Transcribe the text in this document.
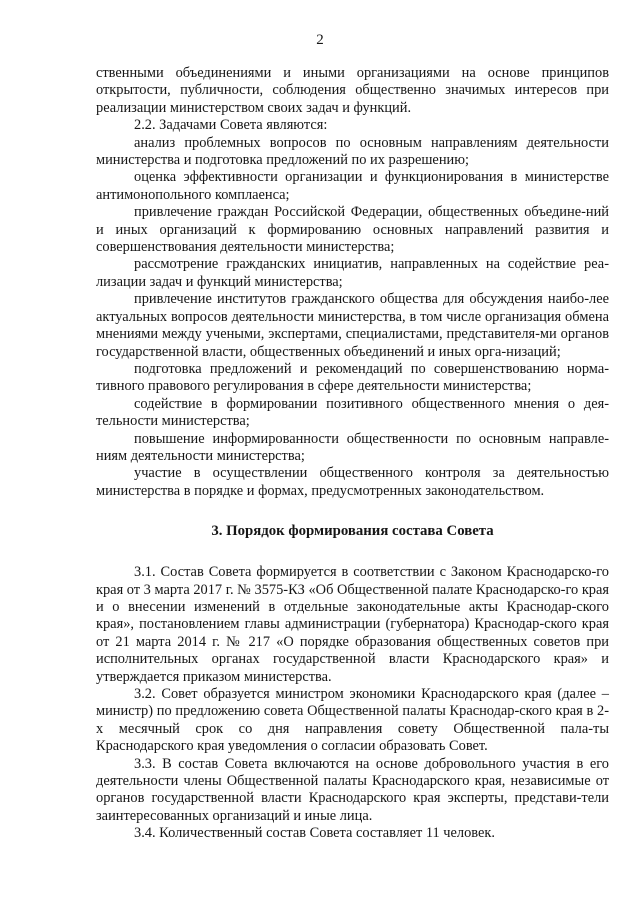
2

ственными объединениями и иными организациями на основе принципов открытости, публичности, соблюдения общественно значимых интересов при реализации министерством своих задач и функций.

2.2. Задачами Совета являются:

анализ проблемных вопросов по основным направлениям деятельности министерства и подготовка предложений по их разрешению;

оценка эффективности организации и функционирования в министерстве антимонопольного комплаенса;

привлечение граждан Российской Федерации, общественных объедине-ний и иных организаций к формированию основных направлений развития и совершенствования деятельности министерства;

рассмотрение гражданских инициатив, направленных на содействие реа-лизации задач и функций министерства;

привлечение институтов гражданского общества для обсуждения наибо-лее актуальных вопросов деятельности министерства, в том числе организация обмена мнениями между учеными, экспертами, специалистами, представителя-ми органов государственной власти, общественных объединений и иных орга-низаций;

подготовка предложений и рекомендаций по совершенствованию норма-тивного правового регулирования в сфере деятельности министерства;

содействие в формировании позитивного общественного мнения о дея-тельности министерства;

повышение информированности общественности по основным направле-ниям деятельности министерства;

участие в осуществлении общественного контроля за деятельностью министерства в порядке и формах, предусмотренных законодательством.

3. Порядок формирования состава Совета

3.1. Состав Совета формируется в соответствии с Законом Краснодарско-го края от 3 марта 2017 г. № 3575-КЗ «Об Общественной палате Краснодарско-го края и о внесении изменений в отдельные законодательные акты Краснодар-ского края», постановлением главы администрации (губернатора) Краснодар-ского края от 21 марта 2014 г. № 217 «О порядке образования общественных советов при исполнительных органах государственной власти Краснодарского края» и утверждается приказом министерства.

3.2. Совет образуется министром экономики Краснодарского края (далее – министр) по предложению совета Общественной палаты Краснодар-ского края в 2-х месячный срок со дня направления совету Общественной пала-ты Краснодарского края уведомления о согласии образовать Совет.

3.3. В состав Совета включаются на основе добровольного участия в его деятельности члены Общественной палаты Краснодарского края, независимые от органов государственной власти Краснодарского края эксперты, представи-тели заинтересованных организаций и иные лица.

3.4. Количественный состав Совета составляет 11 человек.
